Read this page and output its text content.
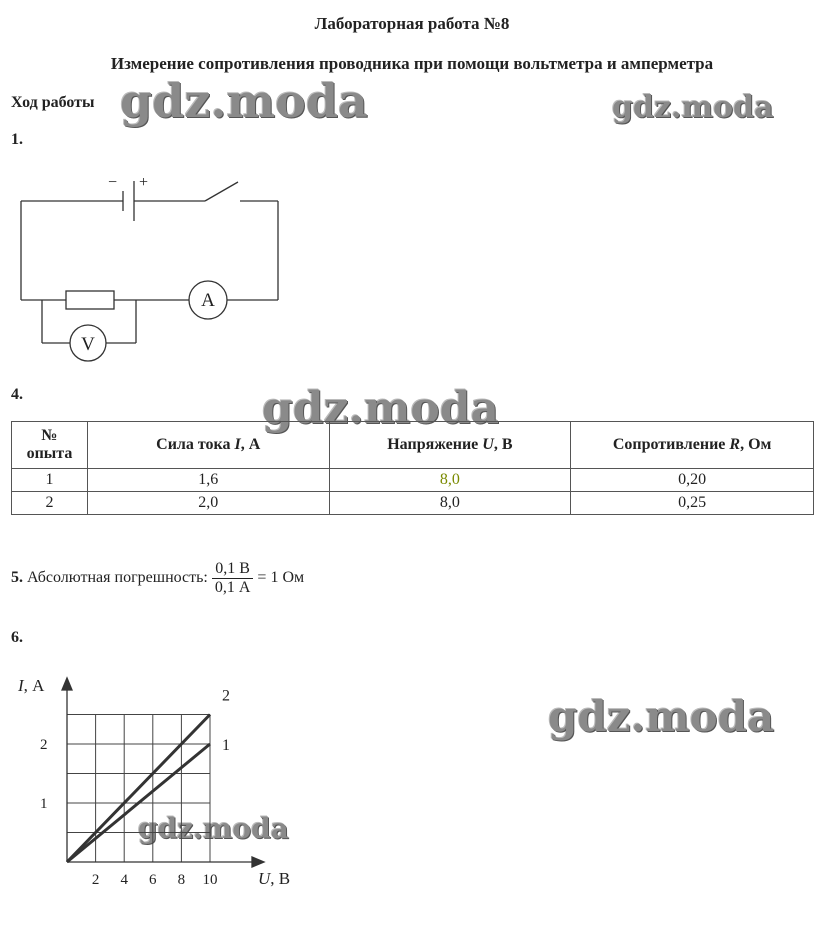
Лабораторная работа №8
Измерение сопротивления проводника при помощи вольтметра и амперметра
Ход работы gdz.moda	gdz.moda
gdz.moda
gdz.moda
gdz.moda
1.
− +
A
V
4.
№
опыта	Сила тока I, А	Напряжение U, В	Сопротивление R, Ом
1	1,6	8,0	0,20
2	2,0	8,0	0,25
5. Абсолютная погрешность: $\frac{0,1 В}{0,1 А} = 1$ Ом
6.
1
2
2 4 6 8 10
1
2
I, А
U, В
